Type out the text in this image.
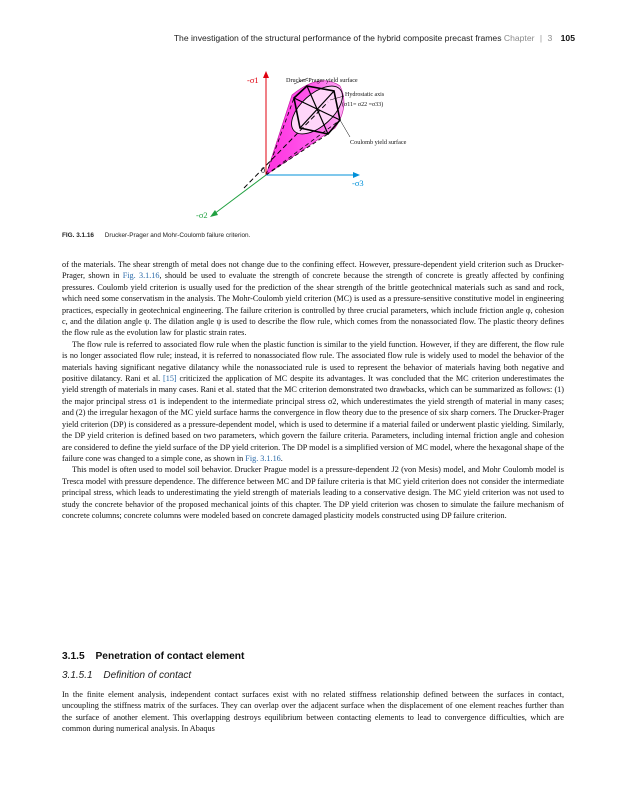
The investigation of the structural performance of the hybrid composite precast frames Chapter | 3 105
-σ1	Drucker-Prager yield surface
Hydrostatic axis
(σ11= σ22 =σ33)
Coulomb yield surface
0
-σ3
-σ2
FIG. 3.1.16 Drucker-Prager and Mohr-Coulomb failure criterion.

of the materials. The shear strength of metal does not change due to the confining effect. However, pressure-dependent yield criterion such as Drucker-Prager, shown in Fig. 3.1.16, should be used to evaluate the strength of concrete because the strength of concrete is greatly affected by confining pressures. Coulomb yield criterion is usually used for the prediction of the shear strength of the brittle geotechnical materials such as sand and rock, which need some conservatism in the analysis. The Mohr-Coulomb yield criterion (MC) is used as a pressure-sensitive constitutive model in engineering practices, especially in geotechnical engineering. The failure criterion is controlled by three crucial parameters, which include friction angle φ, cohesion c, and the dilation angle ψ. The dilation angle ψ is used to describe the flow rule, which comes from the nonassociated flow. The plastic theory defines the flow rule as the evolution law for plastic strain rates.

The flow rule is referred to associated flow rule when the plastic function is similar to the yield function. However, if they are different, the flow rule is no longer associated flow rule; instead, it is referred to nonassociated flow rule. The associated flow rule is widely used to model the behavior of the materials having significant negative dilatancy while the nonassociated rule is used to represent the behavior of materials having both negative and positive dilatancy. Rani et al. [15] criticized the application of MC despite its advantages. It was concluded that the MC criterion underestimates the yield strength of materials in many cases. Rani et al. stated that the MC criterion demonstrated two drawbacks, which can be summarized as follows: (1) the major principal stress σ1 is independent to the intermediate principal stress σ2, which underestimates the yield strength of material in many cases; and (2) the irregular hexagon of the MC yield surface harms the convergence in flow theory due to the presence of six sharp corners. The Drucker-Prager yield criterion (DP) is considered as a pressure-dependent model, which is used to determine if a material failed or underwent plastic yielding. Similarly, the DP yield criterion is defined based on two parameters, which govern the failure criteria. Parameters, including internal friction angle and cohesion are considered to define the yield surface of the DP yield criterion. The DP model is a simplified version of MC model, where the hexagonal shape of the failure cone was changed to a simple cone, as shown in Fig. 3.1.16.

This model is often used to model soil behavior. Drucker Prague model is a pressure-dependent J2 (von Mesis) model, and Mohr Coulomb model is Tresca model with pressure dependence. The difference between MC and DP failure criteria is that MC yield criterion does not consider the intermediate principal stress, which leads to underestimating the yield strength of materials leading to a conservative design. The MC yield criterion was not used to study the concrete behavior of the proposed mechanical joints of this chapter. The DP yield criterion was chosen to simulate the failure mechanism of concrete columns; concrete columns were modeled based on concrete damaged plasticity models constructed using DP failure criterion.

3.1.5 Penetration of contact element
3.1.5.1 Definition of contact

In the finite element analysis, independent contact surfaces exist with no related stiffness relationship defined between the surfaces in contact, uncoupling the stiffness matrix of the surfaces. They can overlap over the adjacent surface when the displacement of one element reaches further than the surface of another element. This overlapping destroys equilibrium between contacting elements to lead to convergence difficulties, which are common during numerical analysis. In Abaqus
